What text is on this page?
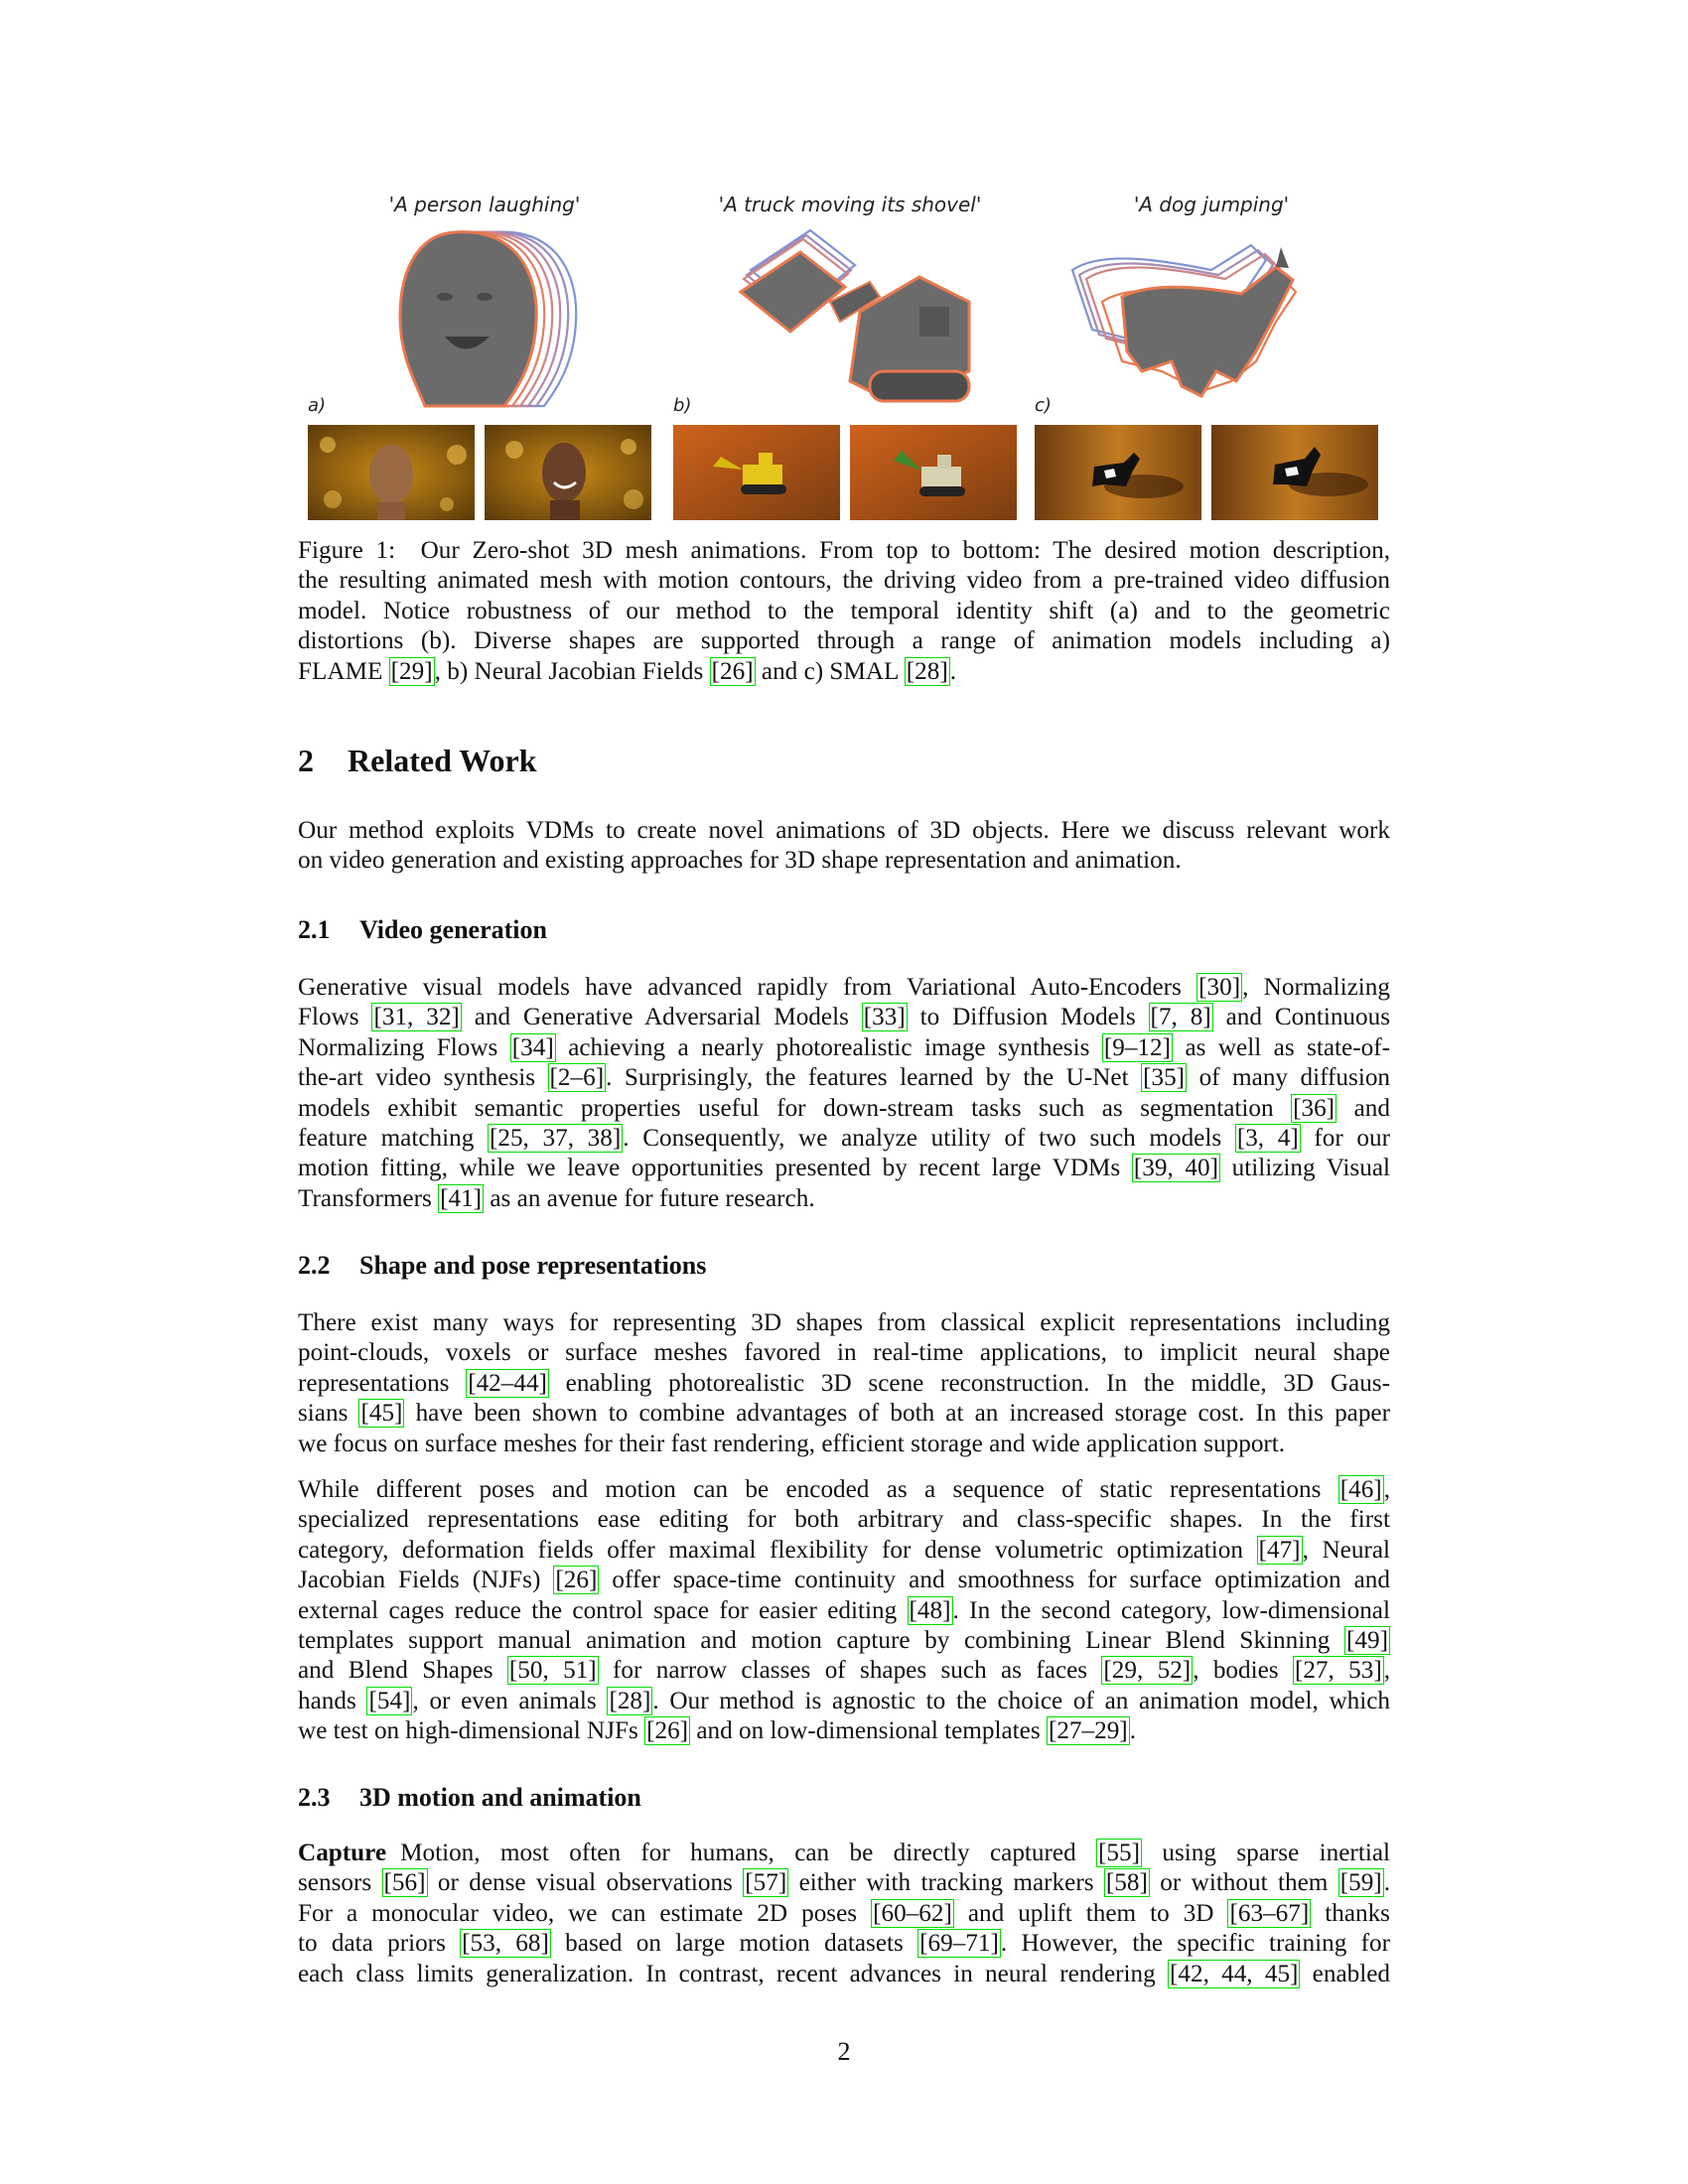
'A person laughing'
a)
'A truck moving its shovel'
b)
'A dog jumping'
c)
Figure 1: Our Zero-shot 3D mesh animations. From top to bottom: The desired motion description,
the resulting animated mesh with motion contours, the driving video from a pre-trained video diffusion
model. Notice robustness of our method to the temporal identity shift (a) and to the geometric
distortions (b). Diverse shapes are supported through a range of animation models including a)
FLAME [29], b) Neural Jacobian Fields [26] and c) SMAL [28].
2 Related Work
Our method exploits VDMs to create novel animations of 3D objects. Here we discuss relevant work
on video generation and existing approaches for 3D shape representation and animation.
2.1 Video generation
Generative visual models have advanced rapidly from Variational Auto-Encoders [30], Normalizing
Flows [31, 32] and Generative Adversarial Models [33] to Diffusion Models [7, 8] and Continuous
Normalizing Flows [34] achieving a nearly photorealistic image synthesis [9–12] as well as state-of-
the-art video synthesis [2–6]. Surprisingly, the features learned by the U-Net [35] of many diffusion
models exhibit semantic properties useful for down-stream tasks such as segmentation [36] and
feature matching [25, 37, 38]. Consequently, we analyze utility of two such models [3, 4] for our
motion fitting, while we leave opportunities presented by recent large VDMs [39, 40] utilizing Visual
Transformers [41] as an avenue for future research.
2.2 Shape and pose representations
There exist many ways for representing 3D shapes from classical explicit representations including
point-clouds, voxels or surface meshes favored in real-time applications, to implicit neural shape
representations [42–44] enabling photorealistic 3D scene reconstruction. In the middle, 3D Gaus-
sians [45] have been shown to combine advantages of both at an increased storage cost. In this paper
we focus on surface meshes for their fast rendering, efficient storage and wide application support.
While different poses and motion can be encoded as a sequence of static representations [46],
specialized representations ease editing for both arbitrary and class-specific shapes. In the first
category, deformation fields offer maximal flexibility for dense volumetric optimization [47], Neural
Jacobian Fields (NJFs) [26] offer space-time continuity and smoothness for surface optimization and
external cages reduce the control space for easier editing [48]. In the second category, low-dimensional
templates support manual animation and motion capture by combining Linear Blend Skinning [49]
and Blend Shapes [50, 51] for narrow classes of shapes such as faces [29, 52], bodies [27, 53],
hands [54], or even animals [28]. Our method is agnostic to the choice of an animation model, which
we test on high-dimensional NJFs [26] and on low-dimensional templates [27–29].
2.3 3D motion and animation
Capture Motion, most often for humans, can be directly captured [55] using sparse inertial
sensors [56] or dense visual observations [57] either with tracking markers [58] or without them [59].
For a monocular video, we can estimate 2D poses [60–62] and uplift them to 3D [63–67] thanks
to data priors [53, 68] based on large motion datasets [69–71]. However, the specific training for
each class limits generalization. In contrast, recent advances in neural rendering [42, 44, 45] enabled
2
